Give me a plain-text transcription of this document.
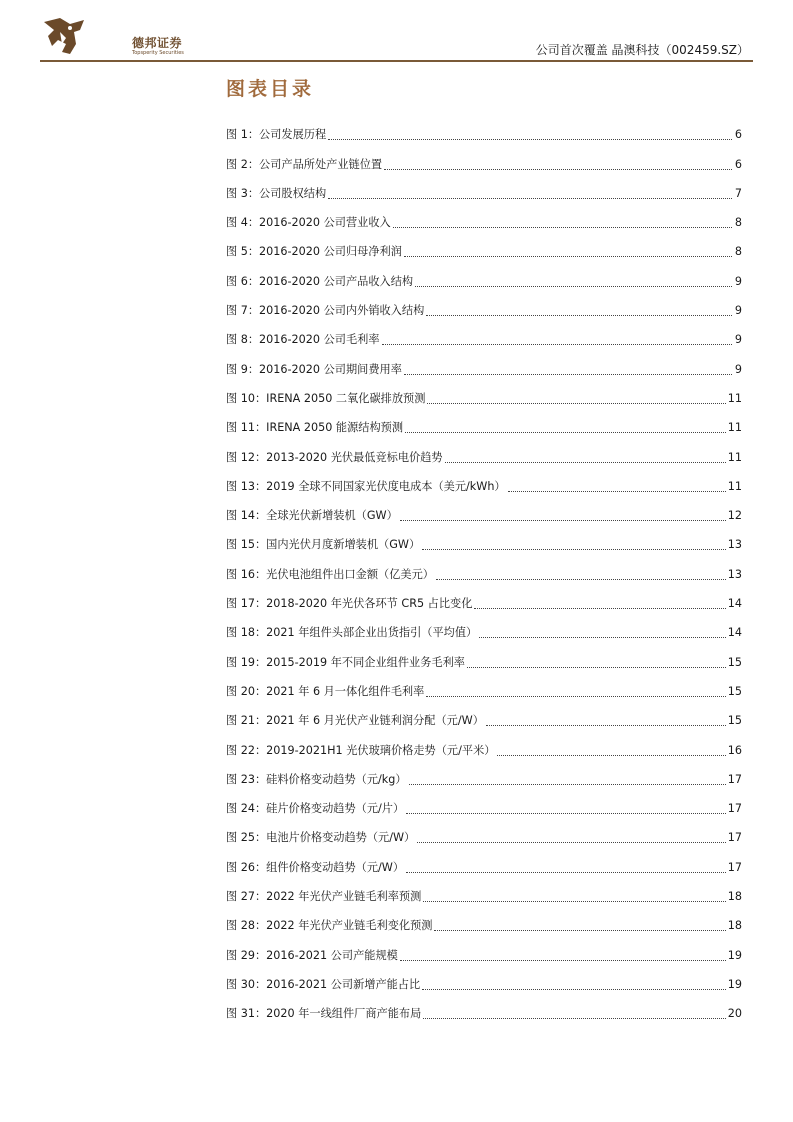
德邦证券
Topsperity Securities	公司首次覆盖 晶澳科技（002459.SZ）
图表目录
图 1：公司发展历程	6
图 2：公司产品所处产业链位置	6
图 3：公司股权结构	7
图 4：2016-2020 公司营业收入	8
图 5：2016-2020 公司归母净利润	8
图 6：2016-2020 公司产品收入结构	9
图 7：2016-2020 公司内外销收入结构	9
图 8：2016-2020 公司毛利率	9
图 9：2016-2020 公司期间费用率	9
图 10：IRENA 2050 二氧化碳排放预测	11
图 11：IRENA 2050 能源结构预测	11
图 12：2013-2020 光伏最低竞标电价趋势	11
图 13：2019 全球不同国家光伏度电成本（美元/kWh）	11
图 14：全球光伏新增装机（GW）	12
图 15：国内光伏月度新增装机（GW）	13
图 16：光伏电池组件出口金额（亿美元）	13
图 17：2018-2020 年光伏各环节 CR5 占比变化	14
图 18：2021 年组件头部企业出货指引（平均值）	14
图 19：2015-2019 年不同企业组件业务毛利率	15
图 20：2021 年 6 月一体化组件毛利率	15
图 21：2021 年 6 月光伏产业链利润分配（元/W）	15
图 22：2019-2021H1 光伏玻璃价格走势（元/平米）	16
图 23：硅料价格变动趋势（元/kg）	17
图 24：硅片价格变动趋势（元/片）	17
图 25：电池片价格变动趋势（元/W）	17
图 26：组件价格变动趋势（元/W）	17
图 27：2022 年光伏产业链毛利率预测	18
图 28：2022 年光伏产业链毛利变化预测	18
图 29：2016-2021 公司产能规模	19
图 30：2016-2021 公司新增产能占比	19
图 31：2020 年一线组件厂商产能布局	20
